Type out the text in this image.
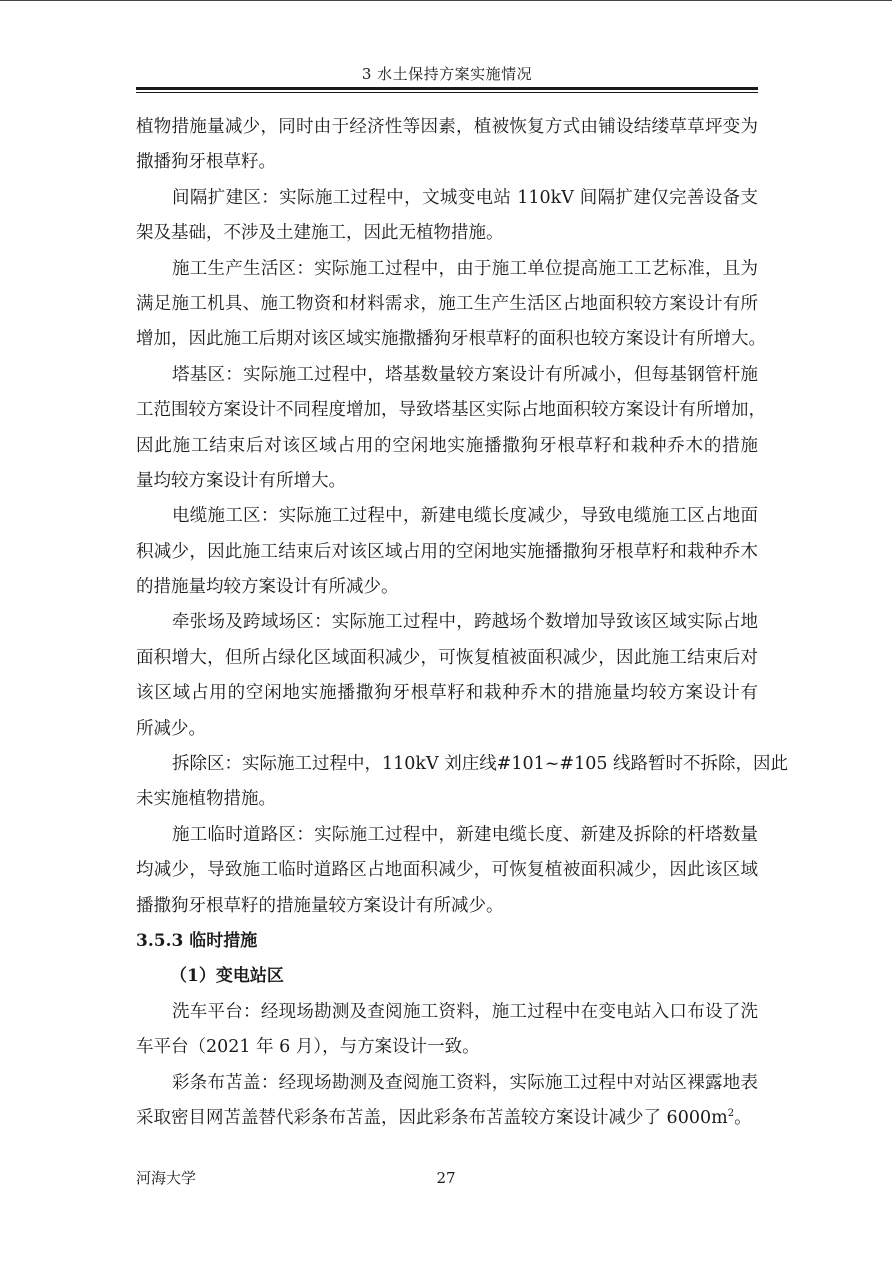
3 水土保持方案实施情况
植物措施量减少，同时由于经济性等因素，植被恢复方式由铺设结缕草草坪变为
撒播狗牙根草籽。
间隔扩建区：实际施工过程中，文城变电站 110kV 间隔扩建仅完善设备支
架及基础，不涉及土建施工，因此无植物措施。
施工生产生活区：实际施工过程中，由于施工单位提高施工工艺标准，且为
满足施工机具、施工物资和材料需求，施工生产生活区占地面积较方案设计有所
增加，因此施工后期对该区域实施撒播狗牙根草籽的面积也较方案设计有所增大。
塔基区：实际施工过程中，塔基数量较方案设计有所减小，但每基钢管杆施
工范围较方案设计不同程度增加，导致塔基区实际占地面积较方案设计有所增加，
因此施工结束后对该区域占用的空闲地实施播撒狗牙根草籽和栽种乔木的措施
量均较方案设计有所增大。
电缆施工区：实际施工过程中，新建电缆长度减少，导致电缆施工区占地面
积减少，因此施工结束后对该区域占用的空闲地实施播撒狗牙根草籽和栽种乔木
的措施量均较方案设计有所减少。
牵张场及跨域场区：实际施工过程中，跨越场个数增加导致该区域实际占地
面积增大，但所占绿化区域面积减少，可恢复植被面积减少，因此施工结束后对
该区域占用的空闲地实施播撒狗牙根草籽和栽种乔木的措施量均较方案设计有
所减少。
拆除区：实际施工过程中，110kV 刘庄线#101~#105 线路暂时不拆除，因此
未实施植物措施。
施工临时道路区：实际施工过程中，新建电缆长度、新建及拆除的杆塔数量
均减少，导致施工临时道路区占地面积减少，可恢复植被面积减少，因此该区域
播撒狗牙根草籽的措施量较方案设计有所减少。
3.5.3 临时措施
（1）变电站区
洗车平台：经现场勘测及查阅施工资料，施工过程中在变电站入口布设了洗
车平台（2021 年 6 月），与方案设计一致。
彩条布苫盖：经现场勘测及查阅施工资料，实际施工过程中对站区裸露地表
采取密目网苫盖替代彩条布苫盖，因此彩条布苫盖较方案设计减少了 $6000m^2$。
河海大学	27
